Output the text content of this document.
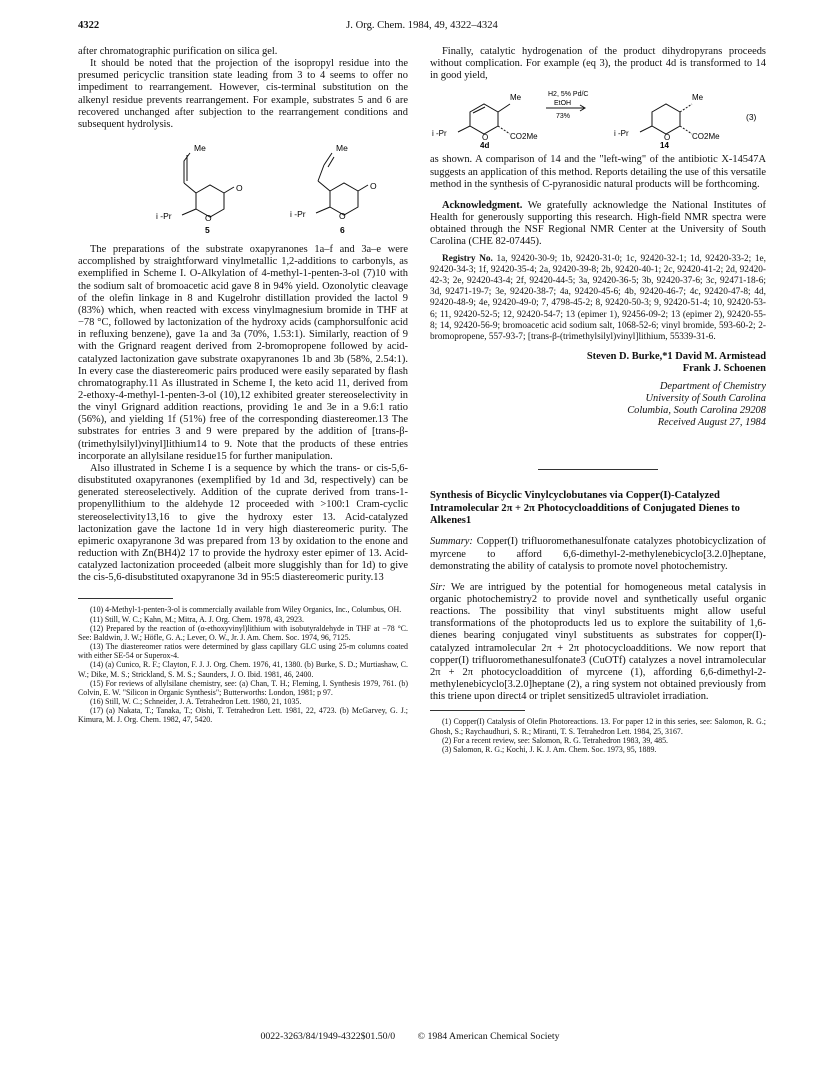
4322	J. Org. Chem. 1984, 49, 4322–4324

after chromatographic purification on silica gel.

It should be noted that the projection of the isopropyl residue into the presumed pericyclic transition state leading from 3 to 4 seems to offer no impediment to rearrangement. However, cis-terminal substitution on the alkenyl residue prevents rearrangement. For example, substrates 5 and 6 are recovered unchanged after subjection to the rearrangement conditions and subsequent hydrolysis.

Me
O
O
i -Pr
5
Me
O
O
i -Pr
6

The preparations of the substrate oxapyranones 1a–f and 3a–e were accomplished by straightforward vinylmetallic 1,2-additions to carbonyls, as exemplified in Scheme I. O-Alkylation of 4-methyl-1-penten-3-ol (7)10 with the sodium salt of bromoacetic acid gave 8 in 94% yield. Ozonolytic cleavage of the olefin linkage in 8 and Kugelrohr distillation provided the lactol 9 (83%) which, when reacted with excess vinylmagnesium bromide in THF at −78 °C, followed by lactonization of the hydroxy acids (camphorsulfonic acid in refluxing benzene), gave 1a and 3a (70%, 1.53:1). Similarly, reaction of 9 with the Grignard reagent derived from 2-bromopropene followed by acid-catalyzed lactonization gave substrate oxapyranones 1b and 3b (58%, 2.54:1). In every case the diastereomeric pairs produced were easily separated by flash chromatography.11 As illustrated in Scheme I, the keto acid 11, derived from 2-ethoxy-4-methyl-1-penten-3-ol (10),12 exhibited greater stereoselectivity in the vinyl Grignard addition reactions, providing 1e and 3e in a 9.6:1 ratio (56%), and yielding 1f (51%) free of the corresponding diastereomer.13 The substrates for entries 3 and 9 were prepared by the addition of [trans-β-(trimethylsilyl)vinyl]lithium14 to 9. Note that the products of these entries incorporate an allylsilane residue15 for further manipulation.

Also illustrated in Scheme I is a sequence by which the trans- or cis-5,6-disubstituted oxapyranones (exemplified by 1d and 3d, respectively) can be generated stereoselectively. Addition of the cuprate derived from trans-1-propenyllithium to the aldehyde 12 proceeded with >100:1 Cram-cyclic stereoselectivity13,16 to give the hydroxy ester 13. Acid-catalyzed lactonization gave the lactone 1d in very high diastereomeric purity. The epimeric oxapyranone 3d was prepared from 13 by oxidation to the enone and reduction with Zn(BH4)2 17 to provide the hydroxy ester epimer of 13. Acid-catalyzed lactonization proceeded (albeit more sluggishly than for 1d) to give the cis-5,6-disubstituted oxapyranone 3d in 95:5 diastereomeric purity.13

(10) 4-Methyl-1-penten-3-ol is commercially available from Wiley Organics, Inc., Columbus, OH.

(11) Still, W. C.; Kahn, M.; Mitra, A. J. Org. Chem. 1978, 43, 2923.

(12) Prepared by the reaction of (α-ethoxyvinyl)lithium with isobutyraldehyde in THF at −78 °C. See: Baldwin, J. W.; Höfle, G. A.; Lever, O. W., Jr. J. Am. Chem. Soc. 1974, 96, 7125.

(13) The diastereomer ratios were determined by glass capillary GLC using 25-m columns coated with either SE-54 or Superox-4.

(14) (a) Cunico, R. F.; Clayton, F. J. J. Org. Chem. 1976, 41, 1380. (b) Burke, S. D.; Murtiashaw, C. W.; Dike, M. S.; Strickland, S. M. S.; Saunders, J. O. Ibid. 1981, 46, 2400.

(15) For reviews of allylsilane chemistry, see: (a) Chan, T. H.; Fleming, I. Synthesis 1979, 761. (b) Colvin, E. W. "Silicon in Organic Synthesis"; Butterworths: London, 1981; p 97.

(16) Still, W. C.; Schneider, J. A. Tetrahedron Lett. 1980, 21, 1035.

(17) (a) Nakata, T.; Tanaka, T.; Oishi, T. Tetrahedron Lett. 1981, 22, 4723. (b) McGarvey, G. J.; Kimura, M. J. Org. Chem. 1982, 47, 5420.

Finally, catalytic hydrogenation of the product dihydropyrans proceeds without complication. For example (eq 3), the product 4d is transformed to 14 in good yield,

Me
CO2Me
O
i -Pr
4d
H2, 5% Pd/C
EtOH
73%
Me
CO2Me
O
i -Pr
14
(3)

as shown. A comparison of 14 and the "left-wing" of the antibiotic X-14547A suggests an application of this method. Reports detailing the use of this versatile method in the synthesis of C-pyranosidic natural products will be forthcoming.

Acknowledgment. We gratefully acknowledge the National Institutes of Health for generously supporting this research. High-field NMR spectra were obtained through the NSF Regional NMR Center at the University of South Carolina (CHE 82-07445).

Registry No. 1a, 92420-30-9; 1b, 92420-31-0; 1c, 92420-32-1; 1d, 92420-33-2; 1e, 92420-34-3; 1f, 92420-35-4; 2a, 92420-39-8; 2b, 92420-40-1; 2c, 92420-41-2; 2d, 92420-42-3; 2e, 92420-43-4; 2f, 92420-44-5; 3a, 92420-36-5; 3b, 92420-37-6; 3c, 92471-18-6; 3d, 92471-19-7; 3e, 92420-38-7; 4a, 92420-45-6; 4b, 92420-46-7; 4c, 92420-47-8; 4d, 92420-48-9; 4e, 92420-49-0; 7, 4798-45-2; 8, 92420-50-3; 9, 92420-51-4; 10, 92420-53-6; 11, 92420-52-5; 12, 92420-54-7; 13 (epimer 1), 92456-09-2; 13 (epimer 2), 92420-55-8; 14, 92420-56-9; bromoacetic acid sodium salt, 1068-52-6; vinyl bromide, 593-60-2; 2-bromopropene, 557-93-7; [trans-β-(trimethylsilyl)vinyl]lithium, 55339-31-6.

Steven D. Burke,*1 David M. Armistead

Frank J. Schoenen

Department of Chemistry

University of South Carolina

Columbia, South Carolina 29208

Received August 27, 1984

Synthesis of Bicyclic Vinylcyclobutanes via Copper(I)-Catalyzed Intramolecular 2π + 2π Photocycloadditions of Conjugated Dienes to Alkenes1

Summary: Copper(I) trifluoromethanesulfonate catalyzes photobicyclization of myrcene to afford 6,6-dimethyl-2-methylenebicyclo[3.2.0]heptane, demonstrating the ability of catalysis to promote novel photochemistry.

Sir: We are intrigued by the potential for homogeneous metal catalysis in organic photochemistry2 to provide novel and synthetically useful organic reactions. The possibility that vinyl substituents might allow useful transformations of the photoproducts led us to explore the suitability of 1,6-dienes bearing conjugated vinyl substituents as substrates for copper(I)-catalyzed intramolecular 2π + 2π photocycloadditions. We now report that copper(I) trifluoromethanesulfonate3 (CuOTf) catalyzes a novel intramolecular 2π + 2π photocycloaddition of myrcene (1), affording 6,6-dimethyl-2-methylenebicyclo[3.2.0]heptane (2), a ring system not obtained previously from this triene upon direct4 or triplet sensitized5 ultraviolet irradiation.

(1) Copper(I) Catalysis of Olefin Photoreactions. 13. For paper 12 in this series, see: Salomon, R. G.; Ghosh, S.; Raychaudhuri, S. R.; Miranti, T. S. Tetrahedron Lett. 1984, 25, 3167.

(2) For a recent review, see: Salomon, R. G. Tetrahedron 1983, 39, 485.

(3) Salomon, R. G.; Kochi, J. K. J. Am. Chem. Soc. 1973, 95, 1889.

0022-3263/84/1949-4322$01.50/0 © 1984 American Chemical Society
